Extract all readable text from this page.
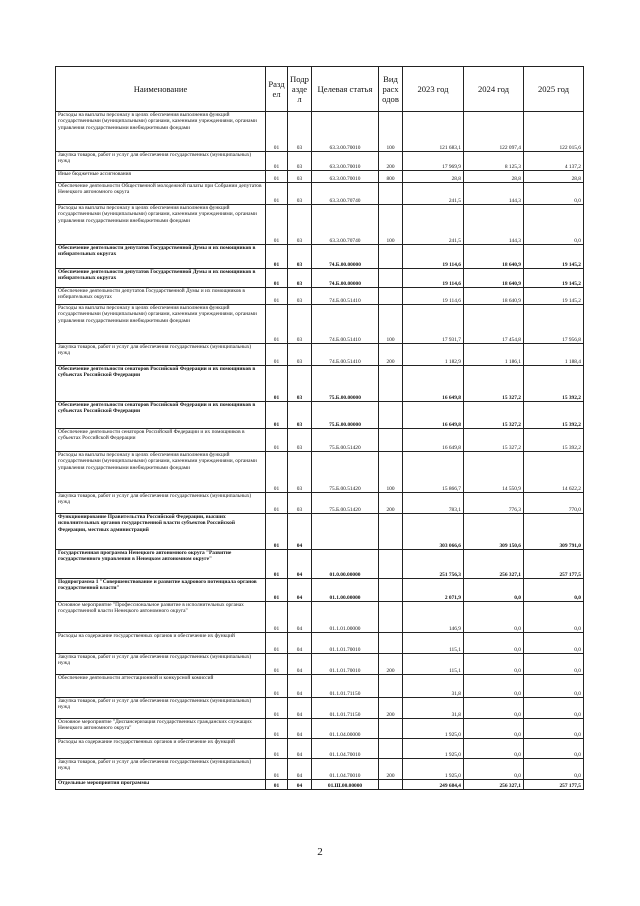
Наименование	Разд ел	Подр азде л	Целевая статья	Вид расх одов	2023 год	2024 год	2025 год
Расходы на выплаты персоналу в целях обеспечения выполнения функций государственными (муниципальными) органами, казенными учреждениями, органами управления государственными внебюджетными фондами	01	03	63.3.00.70010	100	121 683,1	122 097,4	122 015,6
Закупка товаров, работ и услуг для обеспечения государственных (муниципальных) нужд	01	03	63.3.00.70010	200	17 969,9	8 125,3	4 137,2
Иные бюджетные ассигнования	01	03	63.3.00.70010	800	28,8	28,8	28,8
Обеспечение деятельности Общественной молодежной палаты при Собрании депутатов Ненецкого автономного округа	01	03	63.3.00.70740		241,5	144,3	0,0
Расходы на выплаты персоналу в целях обеспечения выполнения функций государственными (муниципальными) органами, казенными учреждениями, органами управления государственными внебюджетными фондами	01	03	63.3.00.70740	100	241,5	144,3	0,0
Обеспечение деятельности депутатов Государственной Думы и их помощников в избирательных округах	01	03	74.Б.00.00000		19 114,6	18 640,9	19 145,2
Обеспечение деятельности депутатов Государственной Думы и их помощников в избирательных округах	01	03	74.Б.00.00000		19 114,6	18 640,9	19 145,2
Обеспечение деятельности депутатов Государственной Думы и их помощников в избирательных округах	01	03	74.Б.00.51410		19 114,6	18 640,9	19 145,2
Расходы на выплаты персоналу в целях обеспечения выполнения функций государственными (муниципальными) органами, казенными учреждениями, органами управления государственными внебюджетными фондами	01	03	74.Б.00.51410	100	17 931,7	17 454,8	17 956,8
Закупка товаров, работ и услуг для обеспечения государственных (муниципальных) нужд	01	03	74.Б.00.51410	200	1 182,9	1 186,1	1 188,4
Обеспечение деятельности сенаторов Российской Федерации и их помощников в субъектах Российской Федерации	01	03	75.Б.00.00000		16 649,8	15 327,2	15 392,2
Обеспечение деятельности сенаторов Российской Федерации и их помощников в субъектах Российской Федерации	01	03	75.Б.00.00000		16 649,8	15 327,2	15 392,2
Обеспечение деятельности сенаторов Российской Федерации и их помощников в субъектах Российской Федерации	01	03	75.Б.00.51420		16 649,8	15 327,2	15 392,2
Расходы на выплаты персоналу в целях обеспечения выполнения функций государственными (муниципальными) органами, казенными учреждениями, органами управления государственными внебюджетными фондами	01	03	75.Б.00.51420	100	15 866,7	14 550,9	14 622,2
Закупка товаров, работ и услуг для обеспечения государственных (муниципальных) нужд	01	03	75.Б.00.51420	200	783,1	776,3	770,0
Функционирование Правительства Российской Федерации, высших исполнительных органов государственной власти субъектов Российской Федерации, местных администраций	01	04			303 066,6	309 150,6	309 791,0
Государственная программа Ненецкого автономного округа "Развитие государственного управления в Ненецком автономном округе"	01	04	01.0.00.00000		251 756,3	256 327,1	257 177,5
Подпрограмма 1 "Совершенствование и развитие кадрового потенциала органов государственной власти"	01	04	01.1.00.00000		2 071,9	0,0	0,0
Основное мероприятие "Профессиональное развитие в исполнительных органах государственной власти Ненецкого автономного округа"	01	04	01.1.01.00000		146,9	0,0	0,0
Расходы на содержание государственных органов и обеспечение их функций	01	04	01.1.01.70010		115,1	0,0	0,0
Закупка товаров, работ и услуг для обеспечения государственных (муниципальных) нужд	01	04	01.1.01.70010	200	115,1	0,0	0,0
Обеспечение деятельности аттестационной и конкурсной комиссий	01	04	01.1.01.71150		31,8	0,0	0,0
Закупка товаров, работ и услуг для обеспечения государственных (муниципальных) нужд	01	04	01.1.01.71150	200	31,8	0,0	0,0
Основное мероприятие "Диспансеризация государственных гражданских служащих Ненецкого автономного округа"	01	04	01.1.04.00000		1 925,0	0,0	0,0
Расходы на содержание государственных органов и обеспечение их функций	01	04	01.1.04.70010		1 925,0	0,0	0,0
Закупка товаров, работ и услуг для обеспечения государственных (муниципальных) нужд	01	04	01.1.04.70010	200	1 925,0	0,0	0,0
Отдельные мероприятия программы	01	04	01.Ш.00.00000		249 684,4	256 327,1	257 177,5
2
